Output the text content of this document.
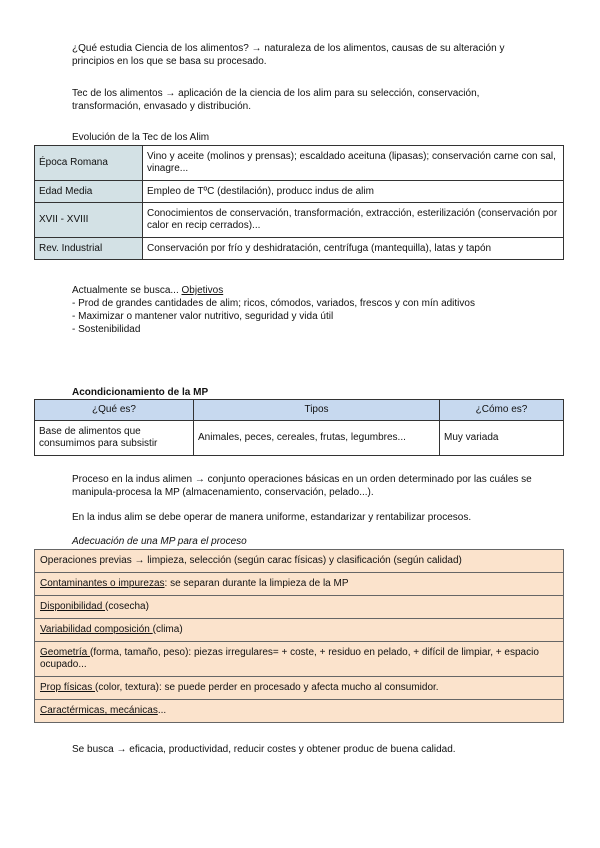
¿Qué estudia Ciencia de los alimentos? → naturaleza de los alimentos, causas de su alteración y principios en los que se basa su procesado.

Tec de los alimentos → aplicación de la ciencia de los alim para su selección, conservación, transformación, envasado y distribución.

Evolución de la Tec de los Alim

Época Romana	Vino y aceite (molinos y prensas); escaldado aceituna (lipasas); conservación carne con sal, vinagre...
Edad Media	Empleo de TºC (destilación), producc indus de alim
XVII - XVIII	Conocimientos de conservación, transformación, extracción, esterilización (conservación por calor en recip cerrados)...
Rev. Industrial	Conservación por frío y deshidratación, centrífuga (mantequilla), latas y tapón
Actualmente se busca... Objetivos
- Prod de grandes cantidades de alim; ricos, cómodos, variados, frescos y con mín aditivos
- Maximizar o mantener valor nutritivo, seguridad y vida útil
- Sostenibilidad

Acondicionamiento de la MP

¿Qué es?	Tipos	¿Cómo es?
Base de alimentos que consumimos para subsistir	Animales, peces, cereales, frutas, legumbres...	Muy variada

Proceso en la indus alimen → conjunto operaciones básicas en un orden determinado por las cuáles se manipula-procesa la MP (almacenamiento, conservación, pelado...).

En la indus alim se debe operar de manera uniforme, estandarizar y rentabilizar procesos.

Adecuación de una MP para el proceso

Operaciones previas → limpieza, selección (según carac físicas) y clasificación (según calidad)
Contaminantes o impurezas: se separan durante la limpieza de la MP
Disponibilidad (cosecha)
Variabilidad composición (clima)
Geometría (forma, tamaño, peso): piezas irregulares= + coste, + residuo en pelado, + difícil de limpiar, + espacio ocupado...
Prop físicas (color, textura): se puede perder en procesado y afecta mucho al consumidor.
Caractérmicas, mecánicas...

Se busca → eficacia, productividad, reducir costes y obtener produc de buena calidad.
